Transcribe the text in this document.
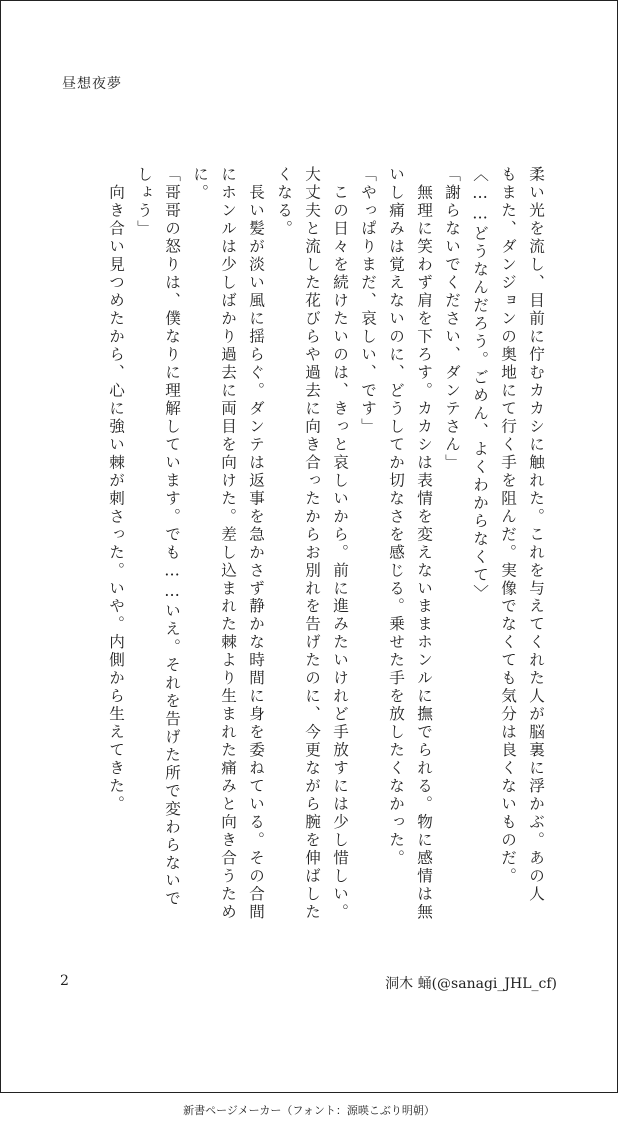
昼想夜夢
柔い光を流し、目前に佇むカカシに触れた。これを与えてくれた人が脳裏に浮かぶ。あの人
もまた、ダンジョンの奥地にて行く手を阻んだ。実像でなくても気分は良くないものだ。
〈……どうなんだろう。ごめん、よくわからなくて〉
「謝らないでください、ダンテさん」
　無理に笑わず肩を下ろす。カカシは表情を変えないままホンルに撫でられる。物に感情は無
いし痛みは覚えないのに、どうしてか切なさを感じる。乗せた手を放したくなかった。
「やっぱりまだ、哀しい、です」
　この日々を続けたいのは、きっと哀しいから。前に進みたいけれど手放すには少し惜しい。
大丈夫と流した花びらや過去に向き合ったからお別れを告げたのに、今更ながら腕を伸ばした
くなる。
　長い髪が淡い風に揺らぐ。ダンテは返事を急かさず静かな時間に身を委ねている。その合間
にホンルは少しばかり過去に両目を向けた。差し込まれた棘より生まれた痛みと向き合うため
に。
「哥哥の怒りは、僕なりに理解しています。でも……いえ。それを告げた所で変わらないで
しょう」
　向き合い見つめたから、心に強い棘が刺さった。いや。内側から生えてきた。
2	洞木 蛹(@sanagi_JHL_cf)
新書ページメーカー（フォント：源暎こぶり明朝）
